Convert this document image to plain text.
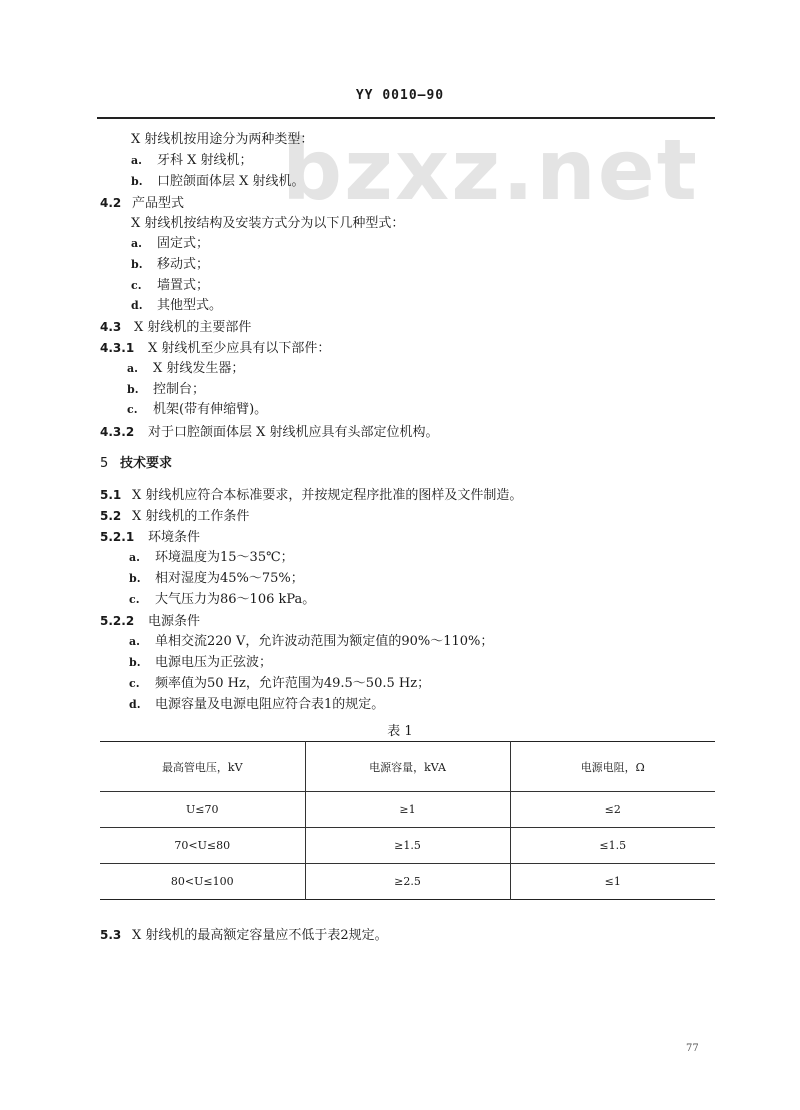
bzxz.net
YY 0010—90
X 射线机按用途分为两种类型：
a. 牙科 X 射线机；
b. 口腔颌面体层 X 射线机。
4.2 产品型式
X 射线机按结构及安装方式分为以下几种型式：
a. 固定式；
b. 移动式；
c. 墙置式；
d. 其他型式。
4.3 X 射线机的主要部件
4.3.1 X 射线机至少应具有以下部件：
a. X 射线发生器；
b. 控制台；
c. 机架(带有伸缩臂)。
4.3.2 对于口腔颌面体层 X 射线机应具有头部定位机构。
5 技术要求
5.1 X 射线机应符合本标准要求，并按规定程序批准的图样及文件制造。
5.2 X 射线机的工作条件
5.2.1 环境条件
a. 环境温度为15～35℃；
b. 相对湿度为45%～75%；
c. 大气压力为86～106 kPa。
5.2.2 电源条件
a. 单相交流220 V，允许波动范围为额定值的90%～110%；
b. 电源电压为正弦波；
c. 频率值为50 Hz，允许范围为49.5～50.5 Hz；
d. 电源容量及电源电阻应符合表1的规定。
表 1
最高管电压，kV	电源容量，kVA	电源电阻，Ω
U≤70	≥1	≤2
70<U≤80	≥1.5	≤1.5
80<U≤100	≥2.5	≤1
5.3 X 射线机的最高额定容量应不低于表2规定。
77
